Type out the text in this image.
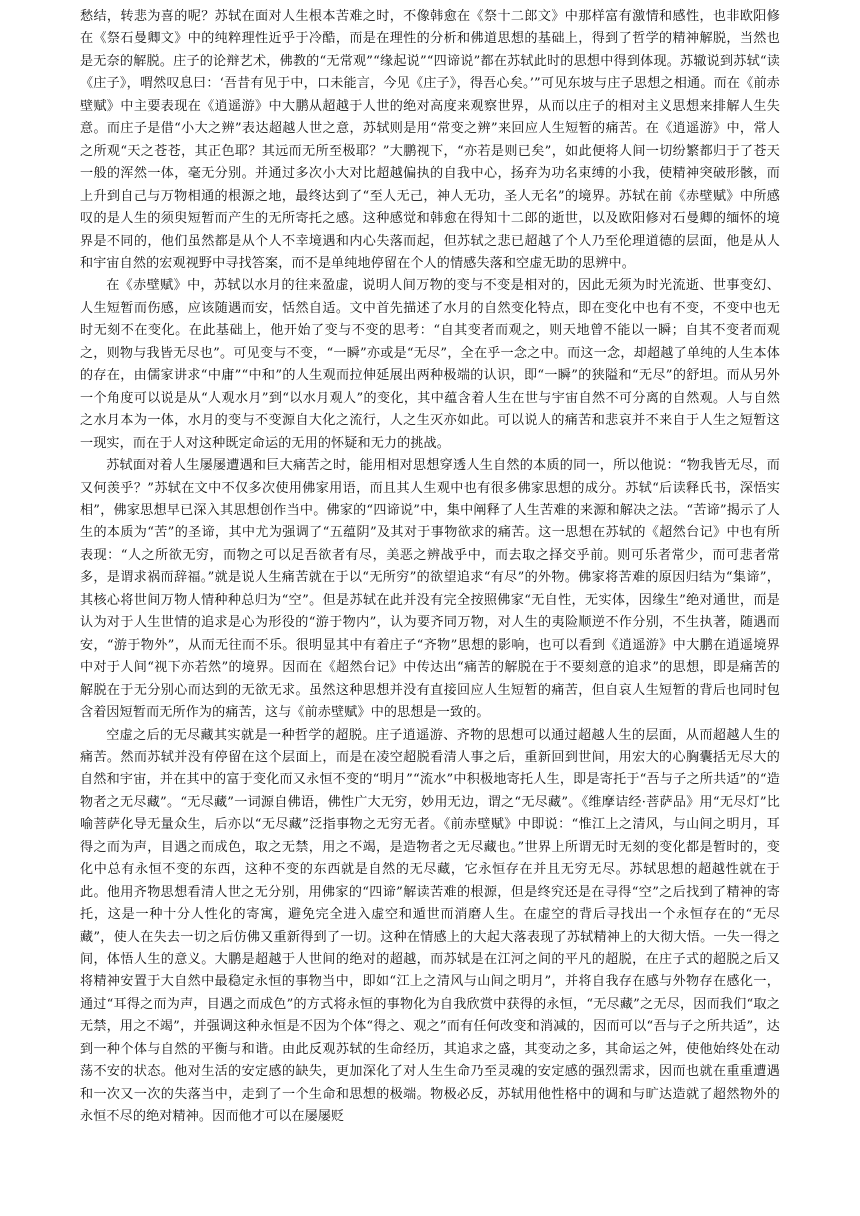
愁结，转悲为喜的呢？苏轼在面对人生根本苦难之时，不像韩愈在《祭十二郎文》中那样富有激情和感性，也非欧阳修在《祭石曼卿文》中的纯粹理性近乎于冷酷，而是在理性的分析和佛道思想的基础上，得到了哲学的精神解脱，当然也是无奈的解脱。庄子的论辩艺术，佛教的“无常观”“缘起说”“四谛说”都在苏轼此时的思想中得到体现。苏辙说到苏轼“读《庄子》，喟然叹息曰：‘吾昔有见于中，口未能言，今见《庄子》，得吾心矣。’”可见东坡与庄子思想之相通。而在《前赤壁赋》中主要表现在《逍遥游》中大鹏从超越于人世的绝对高度来观察世界，从而以庄子的相对主义思想来排解人生失意。而庄子是借“小大之辨”表达超越人世之意，苏轼则是用“常变之辨”来回应人生短暂的痛苦。在《逍遥游》中，常人之所观“天之苍苍，其正色耶？其远而无所至极耶？”大鹏视下，“亦若是则已矣”，如此便将人间一切纷繁都归于了苍天一般的浑然一体，毫无分别。并通过多次小大对比超越偏执的自我中心，扬弃为功名束缚的小我，使精神突破形骸，而上升到自己与万物相通的根源之地，最终达到了“至人无己，神人无功，圣人无名”的境界。苏轼在前《赤壁赋》中所感叹的是人生的须臾短暂而产生的无所寄托之感。这种感觉和韩愈在得知十二郎的逝世，以及欧阳修对石曼卿的缅怀的境界是不同的，他们虽然都是从个人不幸境遇和内心失落而起，但苏轼之悲已超越了个人乃至伦理道德的层面，他是从人和宇宙自然的宏观视野中寻找答案，而不是单纯地停留在个人的情感失落和空虚无助的思辨中。

在《赤壁赋》中，苏轼以水月的往来盈虚，说明人间万物的变与不变是相对的，因此无须为时光流逝、世事变幻、人生短暂而伤感，应该随遇而安，恬然自适。文中首先描述了水月的自然变化特点，即在变化中也有不变，不变中也无时无刻不在变化。在此基础上，他开始了变与不变的思考：“自其变者而观之，则天地曾不能以一瞬；自其不变者而观之，则物与我皆无尽也”。可见变与不变，“一瞬”亦或是“无尽”，全在乎一念之中。而这一念，却超越了单纯的人生本体的存在，由儒家讲求“中庸”“中和”的人生观而拉伸延展出两种极端的认识，即“一瞬”的狭隘和“无尽”的舒坦。而从另外一个角度可以说是从“人观水月”到“以水月观人”的变化，其中蕴含着人生在世与宇宙自然不可分离的自然观。人与自然之水月本为一体，水月的变与不变源自大化之流行，人之生灭亦如此。可以说人的痛苦和悲哀并不来自于人生之短暂这一现实，而在于人对这种既定命运的无用的怀疑和无力的挑战。

苏轼面对着人生屡屡遭遇和巨大痛苦之时，能用相对思想穿透人生自然的本质的同一，所以他说：“物我皆无尽，而又何羡乎？”苏轼在文中不仅多次使用佛家用语，而且其人生观中也有很多佛家思想的成分。苏轼“后读释氏书，深悟实相”，佛家思想早已深入其思想创作当中。佛家的“四谛说”中，集中阐释了人生苦难的来源和解决之法。“苦谛”揭示了人生的本质为“苦”的圣谛，其中尤为强调了“五蕴阴”及其对于事物欲求的痛苦。这一思想在苏轼的《超然台记》中也有所表现：“人之所欲无穷，而物之可以足吾欲者有尽，美恶之辨战乎中，而去取之择交乎前。则可乐者常少，而可悲者常多，是谓求祸而辞福。”就是说人生痛苦就在于以“无所穷”的欲望追求“有尽”的外物。佛家将苦难的原因归结为“集谛”，其核心将世间万物人情种种总归为“空”。但是苏轼在此并没有完全按照佛家“无自性，无实体，因缘生”绝对通世，而是认为对于人生世情的追求是心为形役的“游于物内”，认为要齐同万物，对人生的夷险顺逆不作分别，不生执著，随遇而安，“游于物外”，从而无往而不乐。很明显其中有着庄子“齐物”思想的影响，也可以看到《逍遥游》中大鹏在逍遥境界中对于人间“视下亦若然”的境界。因而在《超然台记》中传达出“痛苦的解脱在于不要刻意的追求”的思想，即是痛苦的解脱在于无分别心而达到的无欲无求。虽然这种思想并没有直接回应人生短暂的痛苦，但自哀人生短暂的背后也同时包含着因短暂而无所作为的痛苦，这与《前赤壁赋》中的思想是一致的。

空虚之后的无尽藏其实就是一种哲学的超脱。庄子逍遥游、齐物的思想可以通过超越人生的层面，从而超越人生的痛苦。然而苏轼并没有停留在这个层面上，而是在凌空超脱看清人事之后，重新回到世间，用宏大的心胸囊括无尽大的自然和宇宙，并在其中的富于变化而又永恒不变的“明月”“流水”中积极地寄托人生，即是寄托于“吾与子之所共适”的“造物者之无尽藏”。“无尽藏”一词源自佛语，佛性广大无穷，妙用无边，谓之“无尽藏”。《维摩诘经·菩萨品》用“无尽灯”比喻菩萨化导无量众生，后亦以“无尽藏”泛指事物之无穷无者。《前赤壁赋》中即说：“惟江上之清风，与山间之明月，耳得之而为声，目遇之而成色，取之无禁，用之不竭，是造物者之无尽藏也。”世界上所谓无时无刻的变化都是暂时的，变化中总有永恒不变的东西，这种不变的东西就是自然的无尽藏，它永恒存在并且无穷无尽。苏轼思想的超越性就在于此。他用齐物思想看清人世之无分别，用佛家的“四谛”解读苦难的根源，但是终究还是在寻得“空”之后找到了精神的寄托，这是一种十分人性化的寄寓，避免完全进入虚空和遁世而消磨人生。在虚空的背后寻找出一个永恒存在的“无尽藏”，使人在失去一切之后仿佛又重新得到了一切。这种在情感上的大起大落表现了苏轼精神上的大彻大悟。一失一得之间，体悟人生的意义。大鹏是超越于人世间的绝对的超越，而苏轼是在江河之间的平凡的超脱，在庄子式的超脱之后又将精神安置于大自然中最稳定永恒的事物当中，即如“江上之清风与山间之明月”，并将自我存在感与外物存在感化一，通过“耳得之而为声，目遇之而成色”的方式将永恒的事物化为自我欣赏中获得的永恒，“无尽藏”之无尽，因而我们“取之无禁，用之不竭”，并强调这种永恒是不因为个体“得之、观之”而有任何改变和消减的，因而可以“吾与子之所共适”，达到一种个体与自然的平衡与和谐。由此反观苏轼的生命经历，其追求之盛，其变动之多，其命运之舛，使他始终处在动荡不安的状态。他对生活的安定感的缺失，更加深化了对人生生命乃至灵魂的安定感的强烈需求，因而也就在重重遭遇和一次又一次的失落当中，走到了一个生命和思想的极端。物极必反，苏轼用他性格中的调和与旷达造就了超然物外的永恒不尽的绝对精神。因而他才可以在屡屡贬
